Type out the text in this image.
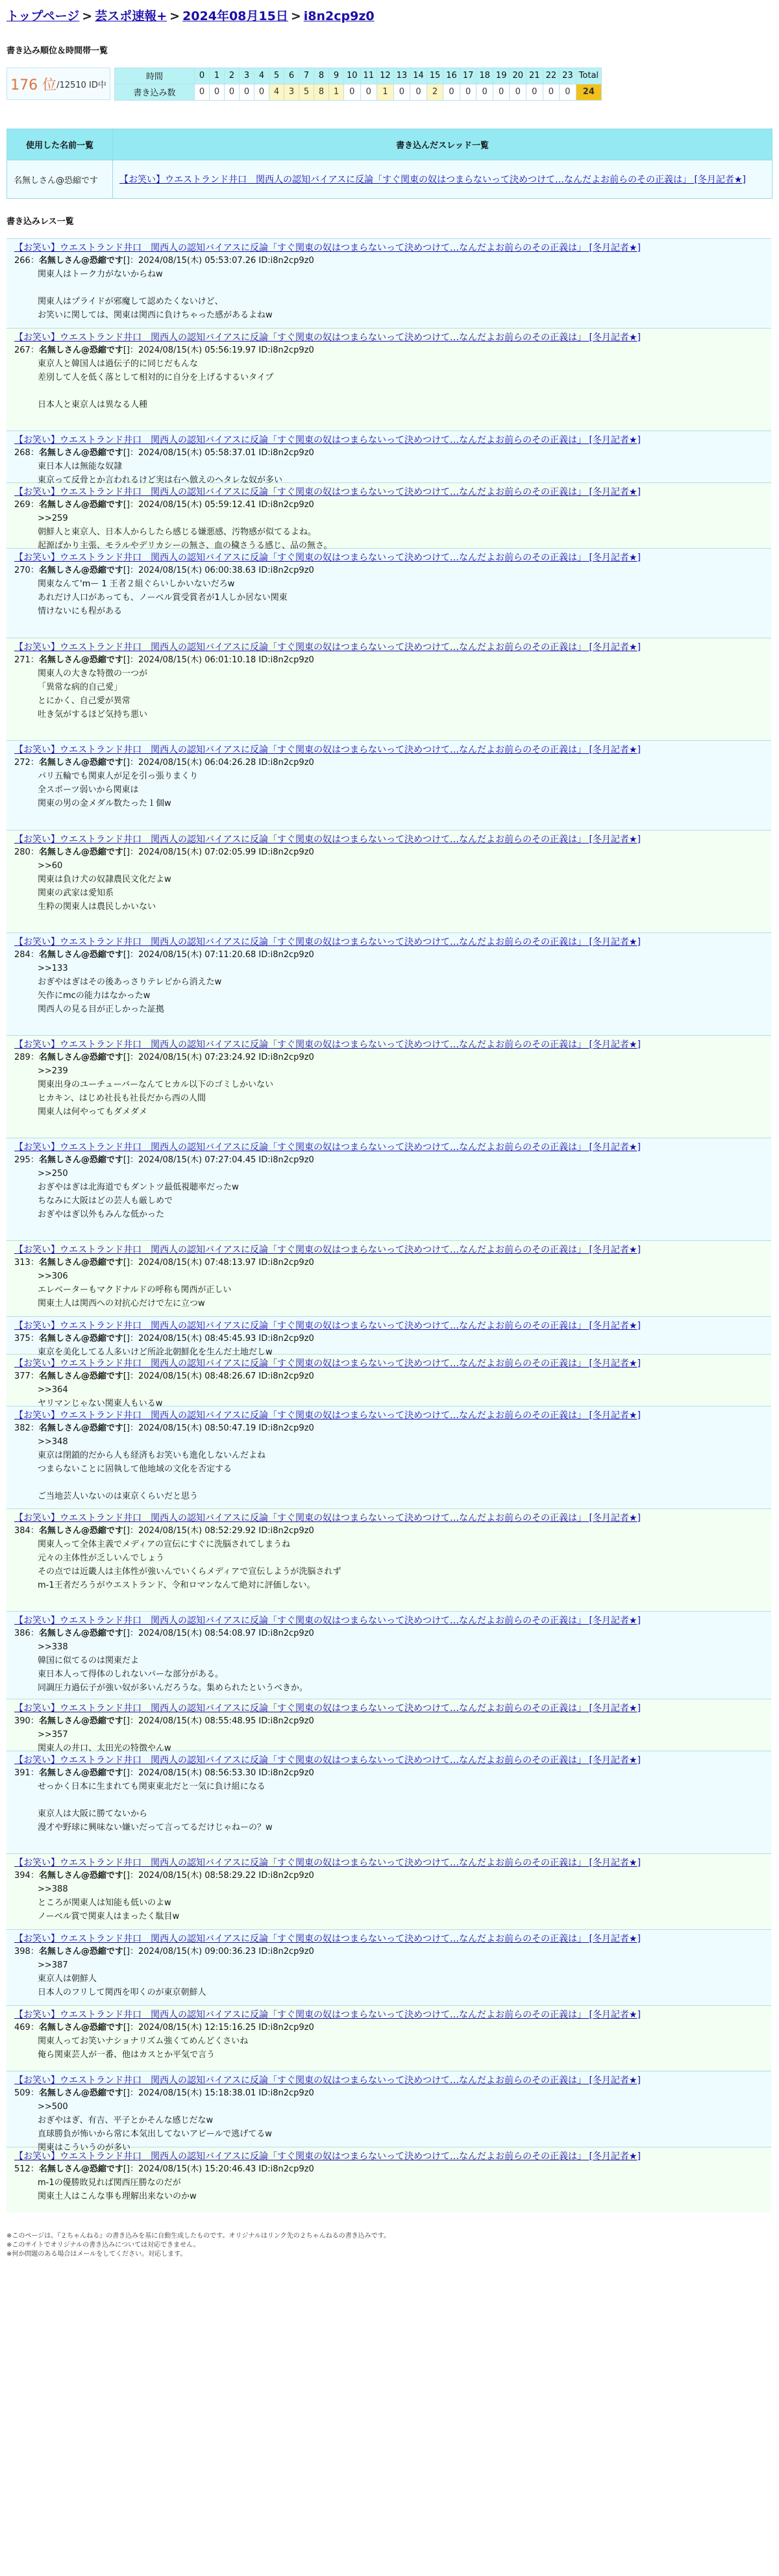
トップページ > 芸スポ速報+ > 2024年08月15日 > i8n2cp9z0
書き込み順位＆時間帯一覧
176 位 /12510 ID中
時間	0	1	2	3	4	5	6	7	8	9	10	11	12	13	14	15	16	17	18	19	20	21	22	23	Total
書き込み数	0	0	0	0	0	4	3	5	8	1	0	0	1	0	0	2	0	0	0	0	0	0	0	0	24
使用した名前一覧	書き込んだスレッド一覧
名無しさん@恐縮です	【お笑い】ウエストランド井口　関西人の認知バイアスに反論「すぐ関東の奴はつまらないって決めつけて…なんだよお前らのその正義は」 [冬月記者★]
書き込みレス一覧
【お笑い】ウエストランド井口　関西人の認知バイアスに反論「すぐ関東の奴はつまらないって決めつけて…なんだよお前らのその正義は」 [冬月記者★]
266：名無しさん@恐縮です[]：2024/08/15(木) 05:53:07.26 ID:i8n2cp9z0
関東人はトーク力がないからねw

関東人はプライドが邪魔して認めたくないけど、
お笑いに関しては、関東は関西に負けちゃった感があるよねw
【お笑い】ウエストランド井口　関西人の認知バイアスに反論「すぐ関東の奴はつまらないって決めつけて…なんだよお前らのその正義は」 [冬月記者★]
267：名無しさん@恐縮です[]：2024/08/15(木) 05:56:19.97 ID:i8n2cp9z0
東京人と韓国人は過伝子的に同じだもんな
差別して人を低く落として相対的に自分を上げるするいタイプ

日本人と東京人は異なる人種
【お笑い】ウエストランド井口　関西人の認知バイアスに反論「すぐ関東の奴はつまらないって決めつけて…なんだよお前らのその正義は」 [冬月記者★]
268：名無しさん@恐縮です[]：2024/08/15(木) 05:58:37.01 ID:i8n2cp9z0
東日本人は無能な奴隷
東京って反骨とか言われるけど実は右へ倣えのヘタレな奴が多い
【お笑い】ウエストランド井口　関西人の認知バイアスに反論「すぐ関東の奴はつまらないって決めつけて…なんだよお前らのその正義は」 [冬月記者★]
269：名無しさん@恐縮です[]：2024/08/15(木) 05:59:12.41 ID:i8n2cp9z0
>>259
朝鮮人と東京人、日本人からしたら感じる嫌悪感、汚物感が似てるよね。
起源ばかり主張、モラルやデリカシーの無さ、血の穢さうる感じ、品の無さ。
【お笑い】ウエストランド井口　関西人の認知バイアスに反論「すぐ関東の奴はつまらないって決めつけて…なんだよお前らのその正義は」 [冬月記者★]
270：名無しさん@恐縮です[]：2024/08/15(木) 06:00:38.63 ID:i8n2cp9z0
関東なんて'mー 1 王者２組ぐらいしかいないだろw
あれだけ人口があっても、ノーベル賞受賞者が1人しか居ない関東
情けないにも程がある
【お笑い】ウエストランド井口　関西人の認知バイアスに反論「すぐ関東の奴はつまらないって決めつけて…なんだよお前らのその正義は」 [冬月記者★]
271：名無しさん@恐縮です[]：2024/08/15(木) 06:01:10.18 ID:i8n2cp9z0
関東人の大きな特徴の一つが
「異常な病的自己愛」
とにかく、自己愛が異常
吐き気がするほど気持ち悪い
【お笑い】ウエストランド井口　関西人の認知バイアスに反論「すぐ関東の奴はつまらないって決めつけて…なんだよお前らのその正義は」 [冬月記者★]
272：名無しさん@恐縮です[]：2024/08/15(木) 06:04:26.28 ID:i8n2cp9z0
パリ五輪でも関東人が足を引っ張りまくり
全スポーツ弱いから関東は
関東の男の金メダル数たった１個w
【お笑い】ウエストランド井口　関西人の認知バイアスに反論「すぐ関東の奴はつまらないって決めつけて…なんだよお前らのその正義は」 [冬月記者★]
280：名無しさん@恐縮です[]：2024/08/15(木) 07:02:05.99 ID:i8n2cp9z0
>>60
関東は負け犬の奴隷農民文化だよw
関東の武家は愛知系
生粋の関東人は農民しかいない
【お笑い】ウエストランド井口　関西人の認知バイアスに反論「すぐ関東の奴はつまらないって決めつけて…なんだよお前らのその正義は」 [冬月記者★]
284：名無しさん@恐縮です[]：2024/08/15(木) 07:11:20.68 ID:i8n2cp9z0
>>133
おぎやはぎはその後あっさりテレビから消えたw
矢作にmcの能力はなかったw
関西人の見る目が正しかった証拠
【お笑い】ウエストランド井口　関西人の認知バイアスに反論「すぐ関東の奴はつまらないって決めつけて…なんだよお前らのその正義は」 [冬月記者★]
289：名無しさん@恐縮です[]：2024/08/15(木) 07:23:24.92 ID:i8n2cp9z0
>>239
関東出身のユーチューバーなんてヒカル以下のゴミしかいない
ヒカキン、はじめ社長も社長だから西の人間
関東人は何やってもダメダメ
【お笑い】ウエストランド井口　関西人の認知バイアスに反論「すぐ関東の奴はつまらないって決めつけて…なんだよお前らのその正義は」 [冬月記者★]
295：名無しさん@恐縮です[]：2024/08/15(木) 07:27:04.45 ID:i8n2cp9z0
>>250
おぎやはぎは北海道でもダントツ最低視聴率だったw
ちなみに大阪はどの芸人も厳しめで
おぎやはぎ以外もみんな低かった
【お笑い】ウエストランド井口　関西人の認知バイアスに反論「すぐ関東の奴はつまらないって決めつけて…なんだよお前らのその正義は」 [冬月記者★]
313：名無しさん@恐縮です[]：2024/08/15(木) 07:48:13.97 ID:i8n2cp9z0
>>306
エレベーターもマクドナルドの呼称も関西が正しい
関東土人は関西への対抗心だけで左に立つw
【お笑い】ウエストランド井口　関西人の認知バイアスに反論「すぐ関東の奴はつまらないって決めつけて…なんだよお前らのその正義は」 [冬月記者★]
375：名無しさん@恐縮です[]：2024/08/15(木) 08:45:45.93 ID:i8n2cp9z0
東京を美化してる人多いけど所詮北朝鮮化を生んだ土地だしw
【お笑い】ウエストランド井口　関西人の認知バイアスに反論「すぐ関東の奴はつまらないって決めつけて…なんだよお前らのその正義は」 [冬月記者★]
377：名無しさん@恐縮です[]：2024/08/15(木) 08:48:26.67 ID:i8n2cp9z0
>>364
ヤリマンじゃない関東人もいるw
【お笑い】ウエストランド井口　関西人の認知バイアスに反論「すぐ関東の奴はつまらないって決めつけて…なんだよお前らのその正義は」 [冬月記者★]
382：名無しさん@恐縮です[]：2024/08/15(木) 08:50:47.19 ID:i8n2cp9z0
>>348
東京は閉鎖的だから人も経済もお笑いも進化しないんだよね
つまらないことに固執して他地域の文化を否定する

ご当地芸人いないのは東京くらいだと思う
【お笑い】ウエストランド井口　関西人の認知バイアスに反論「すぐ関東の奴はつまらないって決めつけて…なんだよお前らのその正義は」 [冬月記者★]
384：名無しさん@恐縮です[]：2024/08/15(木) 08:52:29.92 ID:i8n2cp9z0
関東人って全体主義でメディアの宣伝にすぐに洗脳されてしまうね
元々の主体性が乏しいんでしょう
その点では近畿人は主体性が強いんでいくらメディアで宣伝しようが洗脳されず
m-1王者だろうがウエストランド、令和ロマンなんて絶対に評価しない。
【お笑い】ウエストランド井口　関西人の認知バイアスに反論「すぐ関東の奴はつまらないって決めつけて…なんだよお前らのその正義は」 [冬月記者★]
386：名無しさん@恐縮です[]：2024/08/15(木) 08:54:08.97 ID:i8n2cp9z0
>>338
韓国に似てるのは関東だよ
東日本人って得体のしれないパーな部分がある。
同調圧力過伝子が強い奴が多いんだろうな。集められたというべきか。
【お笑い】ウエストランド井口　関西人の認知バイアスに反論「すぐ関東の奴はつまらないって決めつけて…なんだよお前らのその正義は」 [冬月記者★]
390：名無しさん@恐縮です[]：2024/08/15(木) 08:55:48.95 ID:i8n2cp9z0
>>357
関東人の井口、太田光の特徴やんw
【お笑い】ウエストランド井口　関西人の認知バイアスに反論「すぐ関東の奴はつまらないって決めつけて…なんだよお前らのその正義は」 [冬月記者★]
391：名無しさん@恐縮です[]：2024/08/15(木) 08:56:53.30 ID:i8n2cp9z0
せっかく日本に生まれても関東東北だと一気に負け組になる

東京人は大阪に勝てないから
漫才や野球に興味ない嫌いだって言ってるだけじゃねーの？w
【お笑い】ウエストランド井口　関西人の認知バイアスに反論「すぐ関東の奴はつまらないって決めつけて…なんだよお前らのその正義は」 [冬月記者★]
394：名無しさん@恐縮です[]：2024/08/15(木) 08:58:29.22 ID:i8n2cp9z0
>>388
ところが関東人は知能も低いのよw
ノーベル賞で関東人はまったく駄目w
【お笑い】ウエストランド井口　関西人の認知バイアスに反論「すぐ関東の奴はつまらないって決めつけて…なんだよお前らのその正義は」 [冬月記者★]
398：名無しさん@恐縮です[]：2024/08/15(木) 09:00:36.23 ID:i8n2cp9z0
>>387
東京人は朝鮮人
日本人のフリして関西を叩くのが東京朝鮮人
【お笑い】ウエストランド井口　関西人の認知バイアスに反論「すぐ関東の奴はつまらないって決めつけて…なんだよお前らのその正義は」 [冬月記者★]
469：名無しさん@恐縮です[]：2024/08/15(木) 12:15:16.25 ID:i8n2cp9z0
関東人ってお笑いナショナリズム強くてめんどくさいね
俺ら関東芸人が一番、他はカスとか平気で言う
【お笑い】ウエストランド井口　関西人の認知バイアスに反論「すぐ関東の奴はつまらないって決めつけて…なんだよお前らのその正義は」 [冬月記者★]
509：名無しさん@恐縮です[]：2024/08/15(木) 15:18:38.01 ID:i8n2cp9z0
>>500
おぎやはぎ、有吉、平子とかそんな感じだなw
直球勝負が怖いから常に本気出してないアピールで逃げてるw
関東はこういうのが多い
【お笑い】ウエストランド井口　関西人の認知バイアスに反論「すぐ関東の奴はつまらないって決めつけて…なんだよお前らのその正義は」 [冬月記者★]
512：名無しさん@恐縮です[]：2024/08/15(木) 15:20:46.43 ID:i8n2cp9z0
m-1の優勝敗見れば関西圧勝なのだが
関東土人はこんな事も理解出来ないのかw
※このページは、『２ちゃんねる』の書き込みを基に自動生成したものです。オリジナルはリンク先の２ちゃんねるの書き込みです。
※このサイトでオリジナルの書き込みについては対応できません。
※何か問題のある場合はメールをしてください。対応します。
